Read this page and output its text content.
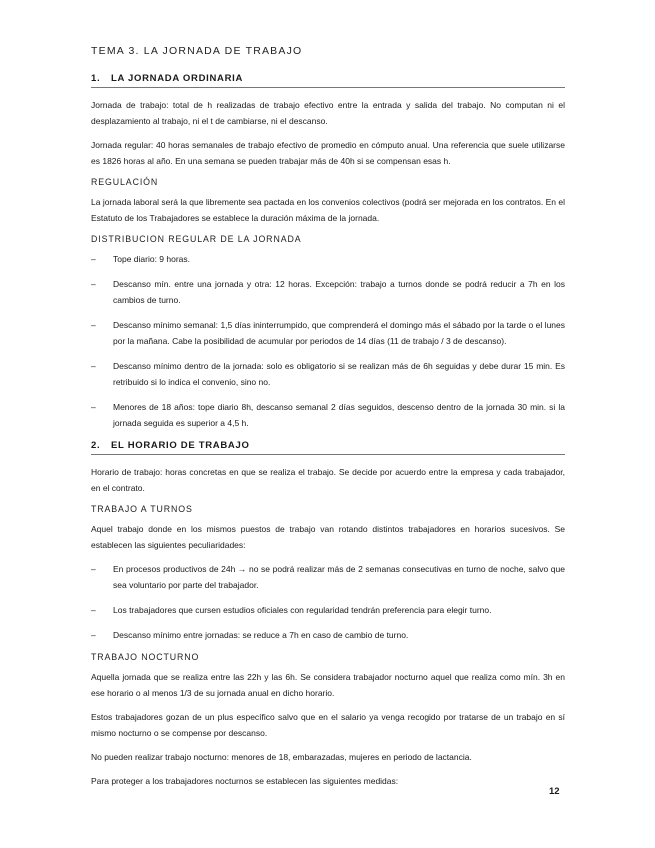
TEMA 3. LA JORNADA DE TRABAJO
1.	LA JORNADA ORDINARIA

Jornada de trabajo: total de h realizadas de trabajo efectivo entre la entrada y salida del trabajo. No computan ni el desplazamiento al trabajo, ni el t de cambiarse, ni el descanso.

Jornada regular: 40 horas semanales de trabajo efectivo de promedio en cómputo anual. Una referencia que suele utilizarse es 1826 horas al año. En una semana se pueden trabajar más de 40h si se compensan esas h.

REGULACIÓN

La jornada laboral será la que libremente sea pactada en los convenios colectivos (podrá ser mejorada en los contratos. En el Estatuto de los Trabajadores se establece la duración máxima de la jornada.

DISTRIBUCION REGULAR DE LA JORNADA
– Tope diario: 9 horas.
– Descanso mín. entre una jornada y otra: 12 horas. Excepción: trabajo a turnos donde se podrá reducir a 7h en los cambios de turno.
– Descanso mínimo semanal: 1,5 días ininterrumpido, que comprenderá el domingo más el sábado por la tarde o el lunes por la mañana. Cabe la posibilidad de acumular por periodos de 14 días (11 de trabajo / 3 de descanso).
– Descanso mínimo dentro de la jornada: solo es obligatorio si se realizan más de 6h seguidas y debe durar 15 min. Es retribuido si lo indica el convenio, sino no.
– Menores de 18 años: tope diario 8h, descanso semanal 2 días seguidos, descenso dentro de la jornada 30 min. si la jornada seguida es superior a 4,5 h.
2.	EL HORARIO DE TRABAJO

Horario de trabajo: horas concretas en que se realiza el trabajo. Se decide por acuerdo entre la empresa y cada trabajador, en el contrato.

TRABAJO A TURNOS

Aquel trabajo donde en los mismos puestos de trabajo van rotando distintos trabajadores en horarios sucesivos. Se establecen las siguientes peculiaridades:

– En procesos productivos de 24h → no se podrá realizar más de 2 semanas consecutivas en turno de noche, salvo que sea voluntario por parte del trabajador.
– Los trabajadores que cursen estudios oficiales con regularidad tendrán preferencia para elegir turno.
– Descanso mínimo entre jornadas: se reduce a 7h en caso de cambio de turno.
TRABAJO NOCTURNO

Aquella jornada que se realiza entre las 22h y las 6h. Se considera trabajador nocturno aquel que realiza como mín. 3h en ese horario o al menos 1/3 de su jornada anual en dicho horario.

Estos trabajadores gozan de un plus específico salvo que en el salario ya venga recogido por tratarse de un trabajo en sí mismo nocturno o se compense por descanso.

No pueden realizar trabajo nocturno: menores de 18, embarazadas, mujeres en periodo de lactancia.

Para proteger a los trabajadores nocturnos se establecen las siguientes medidas:

12
